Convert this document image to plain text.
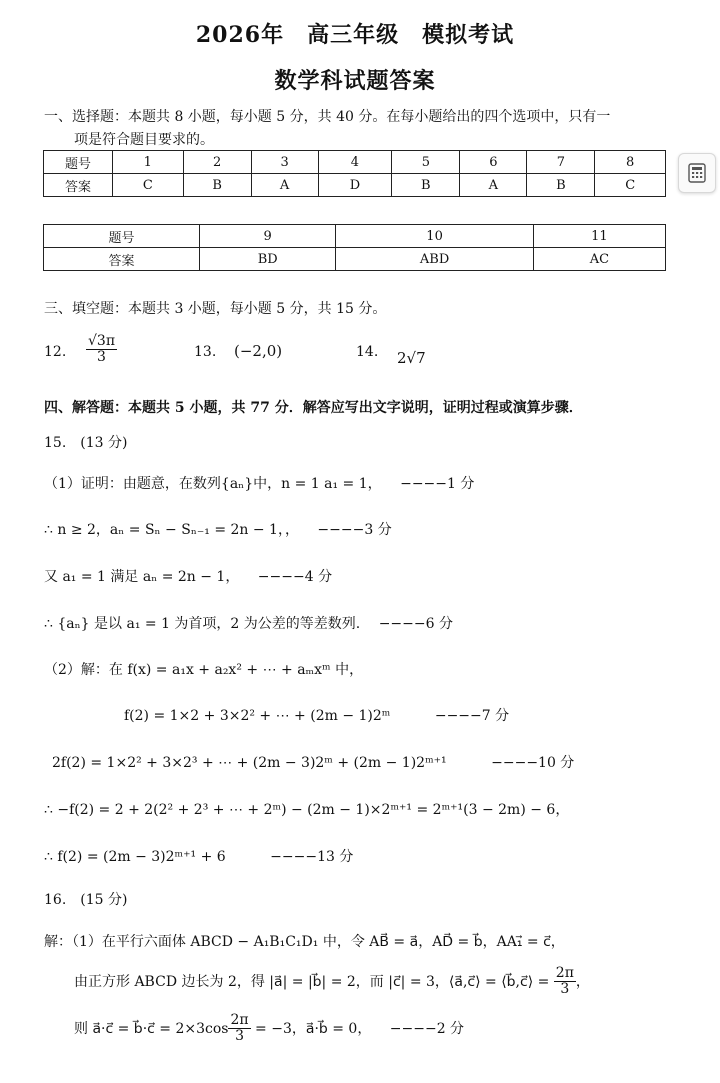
2026年　高三年级　模拟考试
数学科试题答案
一、选择题：本题共 8 小题，每小题 5 分，共 40 分。在每小题给出的四个选项中，只有一
项是符合题目要求的。
题号	1	2	3	4	5	6	7	8
答案	C	B	A	D	B	A	B	C
题号	9	10	11
答案	BD	ABD	AC
三、填空题：本题共 3 小题，每小题 5 分，共 15 分。
12. $\frac{√3\pi}{3}$	13. (−2,0)	14. 2√7
四、解答题：本题共 5 小题，共 77 分．解答应写出文字说明，证明过程或演算步骤．
15.　(13 分)
（1）证明：由题意，在数列{aₙ}中，n = 1 a₁ = 1， −−−−1 分
∴ n ≥ 2，aₙ = Sₙ − Sₙ₋₁ = 2n − 1，， −−−−3 分
又 a₁ = 1 满足 aₙ = 2n − 1， −−−−4 分
∴ {aₙ} 是以 a₁ = 1 为首项，2 为公差的等差数列. −−−−6 分
（2）解：在 f(x) = a₁x + a₂x² + ⋯ + aₘxᵐ 中，
f(2) = 1×2 + 3×2² + ⋯ + (2m − 1)2ᵐ	−−−−7 分
2f(2) = 1×2² + 3×2³ + ⋯ + (2m − 3)2ᵐ + (2m − 1)2ᵐ⁺¹	−−−−10 分
∴ −f(2) = 2 + 2(2² + 2³ + ⋯ + 2ᵐ) − (2m − 1)×2ᵐ⁺¹ = 2ᵐ⁺¹(3 − 2m) − 6，
∴ f(2) = (2m − 3)2ᵐ⁺¹ + 6	−−−−13 分
16.　(15 分)
解：（1）在平行六面体 ABCD − A₁B₁C₁D₁ 中，令 AB⃗ = a⃗，AD⃗ = b⃗，AA₁⃗ = c⃗，
由正方形 ABCD 边长为 2，得 |a⃗| = |b⃗| = 2，而 |c⃗| = 3，⟨a⃗,c⃗⟩ = ⟨b⃗,c⃗⟩ = $\frac{2\pi}{3}$ ，
则 a⃗·c⃗ = b⃗·c⃗ = $2\times 3\cos \frac{2\pi}{3} = -3$，a⃗·b⃗ = 0， −−−−2 分
